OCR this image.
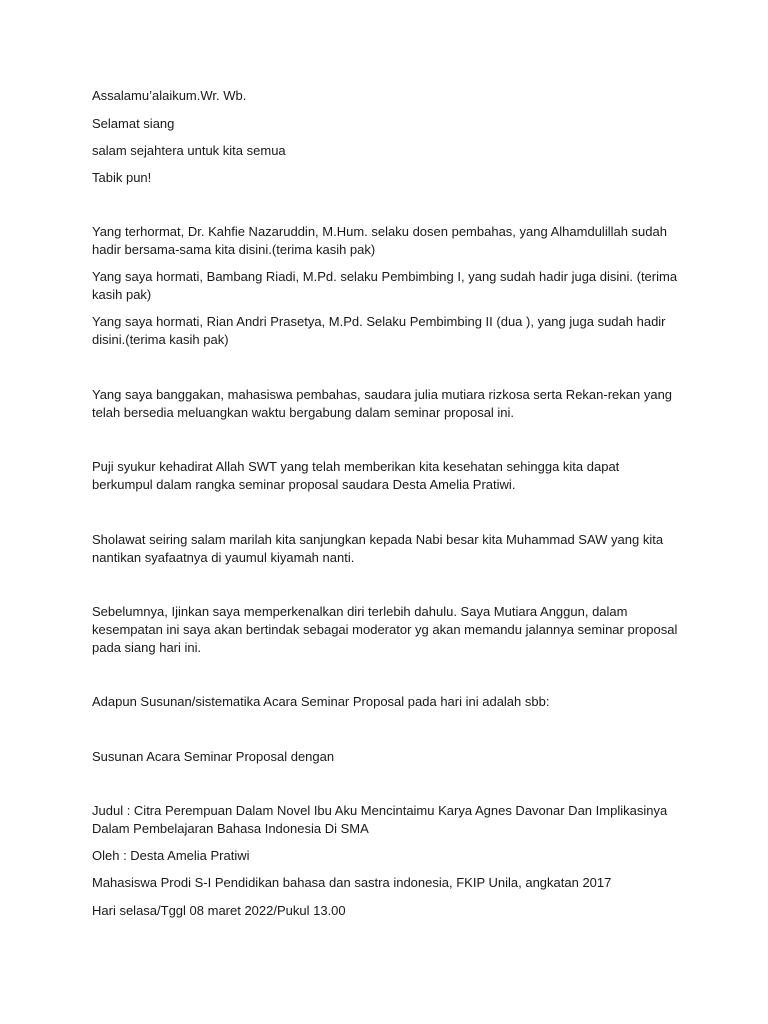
Assalamu’alaikum.Wr. Wb.

Selamat siang

salam sejahtera untuk kita semua

Tabik pun!

Yang terhormat, Dr. Kahfie Nazaruddin, M.Hum. selaku dosen pembahas, yang Alhamdulillah sudah hadir bersama-sama kita disini.(terima kasih pak)

Yang saya hormati, Bambang Riadi, M.Pd. selaku Pembimbing I, yang sudah hadir juga disini. (terima kasih pak)

Yang saya hormati, Rian Andri Prasetya, M.Pd. Selaku Pembimbing II (dua ), yang juga sudah hadir disini.(terima kasih pak)

Yang saya banggakan, mahasiswa pembahas, saudara julia mutiara rizkosa serta Rekan-rekan yang telah bersedia meluangkan waktu bergabung dalam seminar proposal ini.

Puji syukur kehadirat Allah SWT yang telah memberikan kita kesehatan sehingga kita dapat berkumpul dalam rangka seminar proposal saudara Desta Amelia Pratiwi.

Sholawat seiring salam marilah kita sanjungkan kepada Nabi besar kita Muhammad SAW yang kita nantikan syafaatnya di yaumul kiyamah nanti.

Sebelumnya, Ijinkan saya memperkenalkan diri terlebih dahulu. Saya Mutiara Anggun, dalam kesempatan ini saya akan bertindak sebagai moderator yg akan memandu jalannya seminar proposal pada siang hari ini.

Adapun Susunan/sistematika Acara Seminar Proposal pada hari ini adalah sbb:

Susunan Acara Seminar Proposal dengan

Judul : Citra Perempuan Dalam Novel Ibu Aku Mencintaimu Karya Agnes Davonar Dan Implikasinya Dalam Pembelajaran Bahasa Indonesia Di SMA

Oleh : Desta Amelia Pratiwi

Mahasiswa Prodi S-I Pendidikan bahasa dan sastra indonesia, FKIP Unila, angkatan 2017

Hari selasa/Tggl 08 maret 2022/Pukul 13.00
